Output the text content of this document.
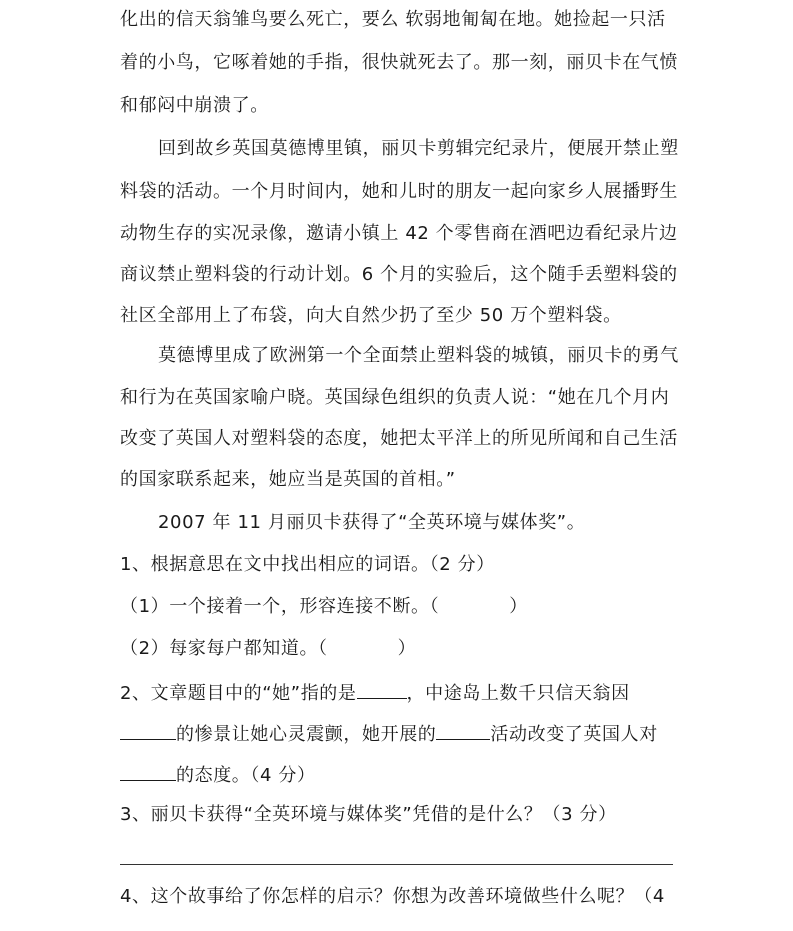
化出的信天翁雏鸟要么死亡，要么 软弱地匍匐在地。她捡起一只活
着的小鸟，它啄着她的手指，很快就死去了。那一刻，丽贝卡在气愤
和郁闷中崩溃了。
回到故乡英国莫德博里镇，丽贝卡剪辑完纪录片，便展开禁止塑
料袋的活动。一个月时间内，她和儿时的朋友一起向家乡人展播野生
动物生存的实况录像，邀请小镇上 42 个零售商在酒吧边看纪录片边
商议禁止塑料袋的行动计划。6 个月的实验后，这个随手丢塑料袋的
社区全部用上了布袋，向大自然少扔了至少 50 万个塑料袋。
莫德博里成了欧洲第一个全面禁止塑料袋的城镇，丽贝卡的勇气
和行为在英国家喻户晓。英国绿色组织的负责人说：“她在几个月内
改变了英国人对塑料袋的态度，她把太平洋上的所见所闻和自己生活
的国家联系起来，她应当是英国的首相。”
2007 年 11 月丽贝卡获得了“全英环境与媒体奖”。
1、根据意思在文中找出相应的词语。（2 分）
（1）一个接着一个，形容连接不断。（	）
（2）每家每户都知道。（	）
2、文章题目中的“她”指的是	，中途岛上数千只信天翁因
的惨景让她心灵震颤，她开展的	活动改变了英国人对
的态度。（4 分）
3、丽贝卡获得“全英环境与媒体奖”凭借的是什么？（3 分）
4、这个故事给了你怎样的启示？你想为改善环境做些什么呢？（4
